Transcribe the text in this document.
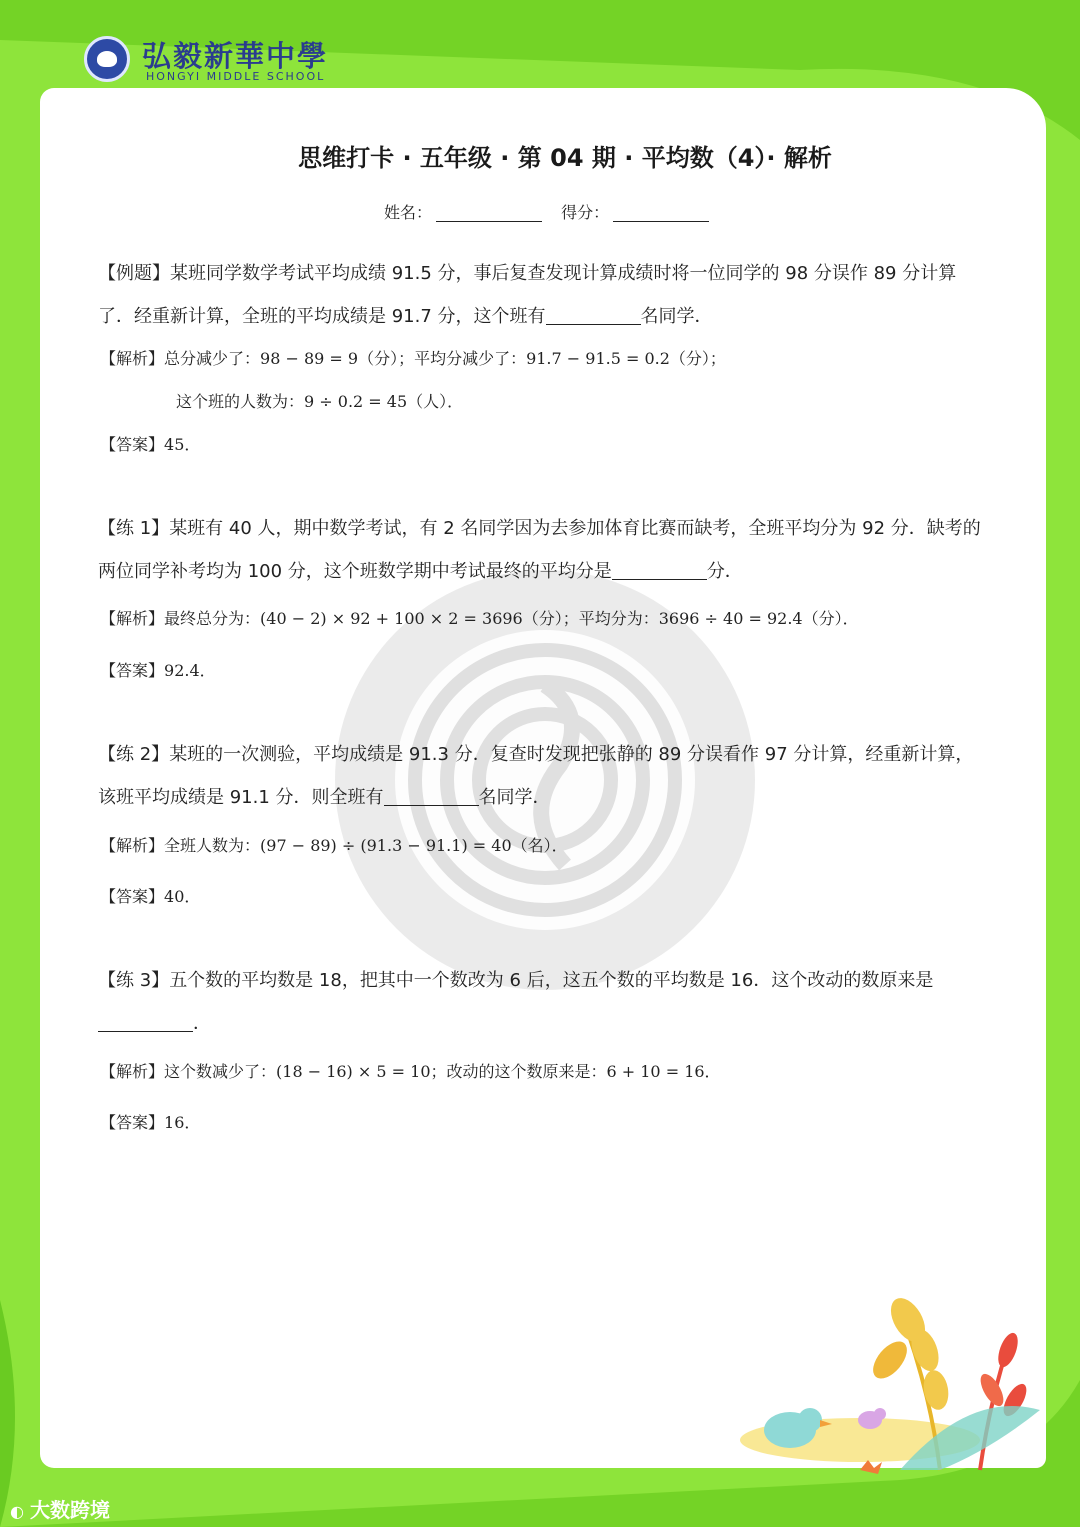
弘毅新華中學
HONGYI MIDDLE SCHOOL
思维打卡 · 五年级 · 第 04 期 · 平均数（4）· 解析
姓名：	得分：
【例题】某班同学数学考试平均成绩 91.5 分，事后复查发现计算成绩时将一位同学的 98 分误作 89 分计算了．经重新计算，全班的平均成绩是 91.7 分，这个班有	名同学．
【解析】总分减少了：98 − 89 = 9（分）；平均分减少了：91.7 − 91.5 = 0.2（分）；
这个班的人数为：9 ÷ 0.2 = 45（人）．
【答案】45．
【练 1】某班有 40 人，期中数学考试，有 2 名同学因为去参加体育比赛而缺考，全班平均分为 92 分．缺考的两位同学补考均为 100 分，这个班数学期中考试最终的平均分是	分．
【解析】最终总分为：(40 − 2) × 92 + 100 × 2 = 3696（分）；平均分为：3696 ÷ 40 = 92.4（分）．
【答案】92.4．
【练 2】某班的一次测验，平均成绩是 91.3 分．复查时发现把张静的 89 分误看作 97 分计算，经重新计算，该班平均成绩是 91.1 分．则全班有	名同学．
【解析】全班人数为：(97 − 89) ÷ (91.3 − 91.1) = 40（名）．
【答案】40．
【练 3】五个数的平均数是 18，把其中一个数改为 6 后，这五个数的平均数是 16．这个改动的数原来是．
【解析】这个数减少了：(18 − 16) × 5 = 10；改动的这个数原来是：6 + 10 = 16．
【答案】16．
◐ 大数跨境
